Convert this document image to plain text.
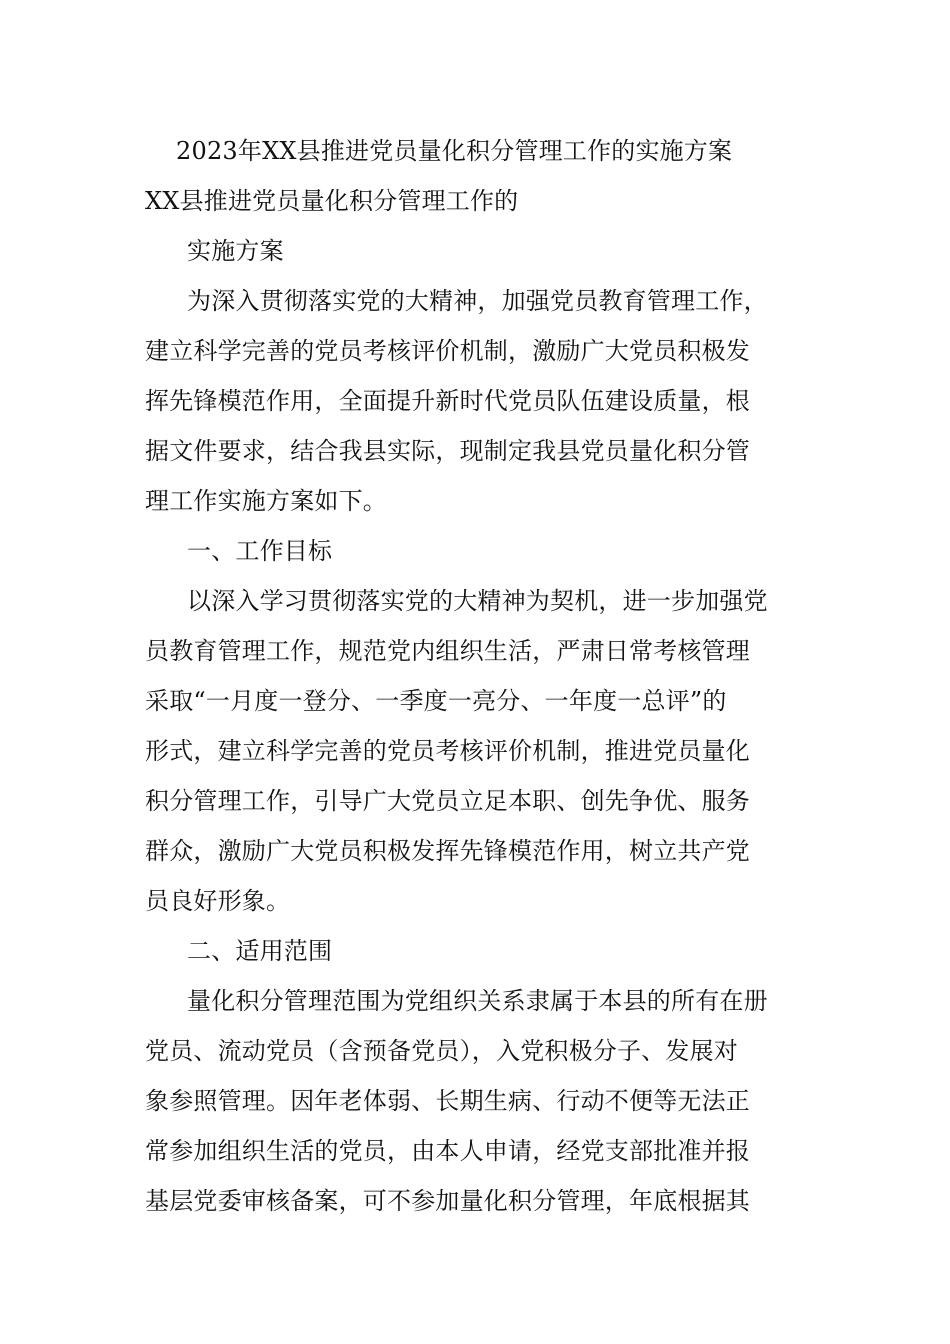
2023年XX县推进党员量化积分管理工作的实施方案
XX县推进党员量化积分管理工作的
实施方案
为深入贯彻落实党的大精神，加强党员教育管理工作，
建立科学完善的党员考核评价机制，激励广大党员积极发
挥先锋模范作用，全面提升新时代党员队伍建设质量，根
据文件要求，结合我县实际，现制定我县党员量化积分管
理工作实施方案如下。
一、工作目标
以深入学习贯彻落实党的大精神为契机，进一步加强党
员教育管理工作，规范党内组织生活，严肃日常考核管理
采取“一月度一登分、一季度一亮分、一年度一总评”的
形式，建立科学完善的党员考核评价机制，推进党员量化
积分管理工作，引导广大党员立足本职、创先争优、服务
群众，激励广大党员积极发挥先锋模范作用，树立共产党
员良好形象。
二、适用范围
量化积分管理范围为党组织关系隶属于本县的所有在册
党员、流动党员（含预备党员），入党积极分子、发展对
象参照管理。因年老体弱、长期生病、行动不便等无法正
常参加组织生活的党员，由本人申请，经党支部批准并报
基层党委审核备案，可不参加量化积分管理，年底根据其
